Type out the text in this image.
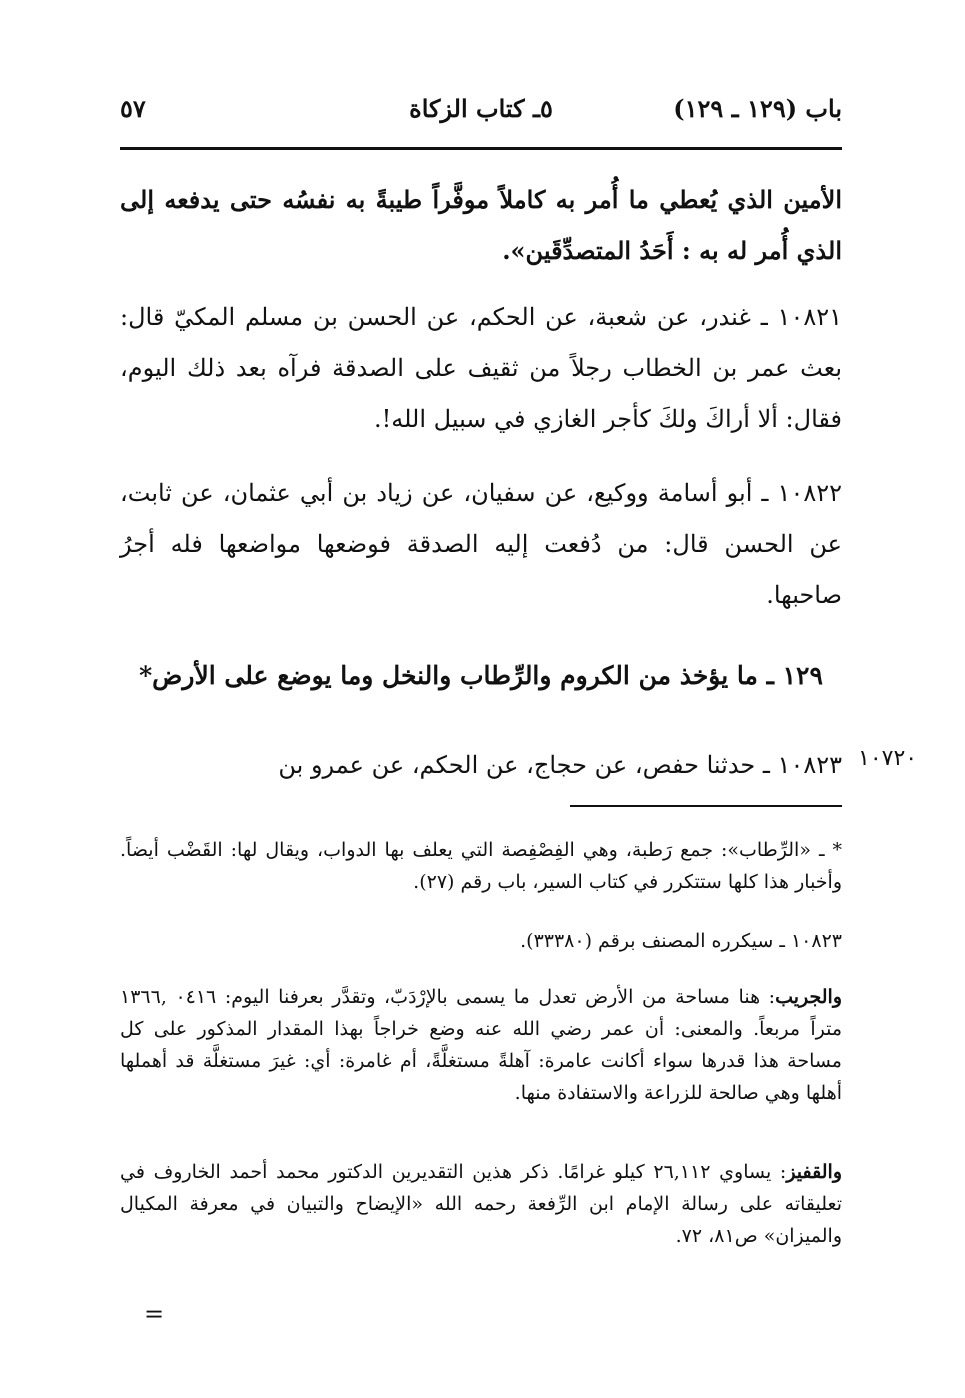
باب (١٢٩ ـ ١٢٩)
٥ـ كتاب الزكاة
٥٧
الأمين الذي يُعطي ما أُمر به كاملاً موفَّراً طيبةً به نفسُه حتى يدفعه إلى الذي أُمر له به : أَحَدُ المتصدِّقَين».
١٠٨٢١ ـ غندر، عن شعبة، عن الحكم، عن الحسن بن مسلم المكيّ قال: بعث عمر بن الخطاب رجلاً من ثقيف على الصدقة فرآه بعد ذلك اليوم، فقال: ألا أراكَ ولكَ كأجر الغازي في سبيل الله!.
١٠٨٢٢ ـ أبو أسامة ووكيع، عن سفيان، عن زياد بن أبي عثمان، عن ثابت، عن الحسن قال: من دُفعت إليه الصدقة فوضعها مواضعها فله أجرُ صاحبها.
١٢٩ ـ ما يؤخذ من الكروم والرِّطاب والنخل وما يوضع على الأرض*
١٠٨٢٣ ـ حدثنا حفص، عن حجاج، عن الحكم، عن عمرو بن ١٠٧٢٠
* ـ «الرِّطاب»: جمع رَطبة، وهي الفِصْفِصة التي يعلف بها الدواب، ويقال لها: القَضْب أيضاً. وأخبار هذا كلها ستتكرر في كتاب السير، باب رقم (٢٧).
١٠٨٢٣ ـ سيكرره المصنف برقم (٣٣٣٨٠).
والجريب: هنا مساحة من الأرض تعدل ما يسمى بالإرْدَبّ، وتقدَّر بعرفنا اليوم: ٠٤١٦ ,١٣٦٦ متراً مربعاً. والمعنى: أن عمر رضي الله عنه وضع خراجاً بهذا المقدار المذكور على كل مساحة هذا قدرها سواء أكانت عامرة: آهلةً مستغلَّةً، أم غامرة: أي: غيرَ مستغلَّة قد أهملها أهلها وهي صالحة للزراعة والاستفادة منها.
والقفيز: يساوي ٢٦,١١٢ كيلو غرامًا. ذكر هذين التقديرين الدكتور محمد أحمد الخاروف في تعليقاته على رسالة الإمام ابن الرِّفعة رحمه الله «الإيضاح والتبيان في معرفة المكيال والميزان» ص٨١، ٧٢.
=
